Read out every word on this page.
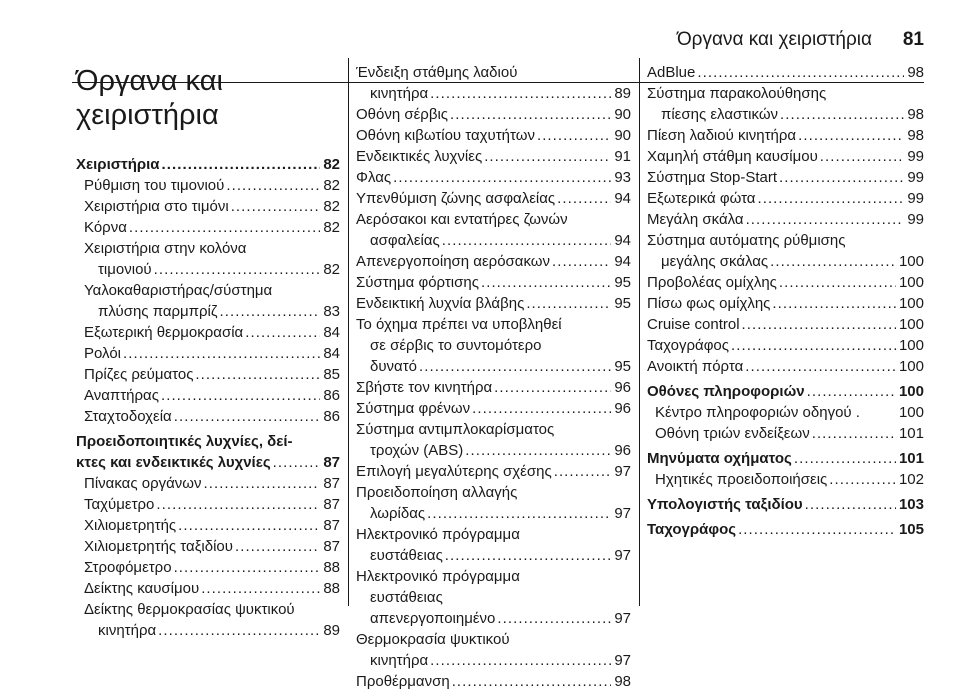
Όργανα και χειριστήρια 81
Όργανα και
χειριστήρια
Χειριστήρια . . .	82
Ρύθμιση του τιμονιού . . .	82
Χειριστήρια στο τιμόνι . . .	82
Κόρνα . . .	82
Χειριστήρια στην κολόνα
τιμονιού . . .	82
Υαλοκαθαριστήρας/σύστημα
πλύσης παρμπρίζ . . .	83
Εξωτερική θερμοκρασία . . .	84
Ρολόι . . .	84
Πρίζες ρεύματος . . .	85
Αναπτήρας . . .	86
Σταχτοδοχεία . . .	86
Προειδοποιητικές λυχνίες, δεί-
κτες και ενδεικτικές λυχνίες . . .	87
Πίνακας οργάνων . . .	87
Ταχύμετρο . . .	87
Χιλιομετρητής . . .	87
Χιλιομετρητής ταξιδίου . . .	87
Στροφόμετρο . . .	88
Δείκτης καυσίμου . . .	88
Δείκτης θερμοκρασίας ψυκτικού
κινητήρα . . .	89
Ένδειξη στάθμης λαδιού
κινητήρα . . .	89
Οθόνη σέρβις . . .	90
Οθόνη κιβωτίου ταχυτήτων . . .	90
Ενδεικτικές λυχνίες . . .	91
Φλας . . .	93
Υπενθύμιση ζώνης ασφαλείας . . .	94
Αερόσακοι και εντατήρες ζωνών
ασφαλείας . . .	94
Απενεργοποίηση αερόσακων . . .	94
Σύστημα φόρτισης . . .	95
Ενδεικτική λυχνία βλάβης . . .	95
Το όχημα πρέπει να υποβληθεί
σε σέρβις το συντομότερο
δυνατό . . .	95
Σβήστε τον κινητήρα . . .	96
Σύστημα φρένων . . .	96
Σύστημα αντιμπλοκαρίσματος
τροχών (ABS) . . .	96
Επιλογή μεγαλύτερης σχέσης . . .	97
Προειδοποίηση αλλαγής
λωρίδας . . .	97
Ηλεκτρονικό πρόγραμμα
ευστάθειας . . .	97
Ηλεκτρονικό πρόγραμμα
ευστάθειας
απενεργοποιημένο . . .	97
Θερμοκρασία ψυκτικού
κινητήρα . . .	97
Προθέρμανση . . .	98
AdBlue . . .	98
Σύστημα παρακολούθησης
πίεσης ελαστικών . . .	98
Πίεση λαδιού κινητήρα . . .	98
Χαμηλή στάθμη καυσίμου . . .	99
Σύστημα Stop-Start . . .	99
Εξωτερικά φώτα . . .	99
Μεγάλη σκάλα . . .	99
Σύστημα αυτόματης ρύθμισης
μεγάλης σκάλας . . .	100
Προβολέας ομίχλης . . .	100
Πίσω φως ομίχλης . . .	100
Cruise control . . .	100
Ταχογράφος . . .	100
Ανοικτή πόρτα . . .	100
Οθόνες πληροφοριών . . .	100
Κέντρο πληροφοριών οδηγού .	100
Οθόνη τριών ενδείξεων . . .	101
Μηνύματα οχήματος . . .	101
Ηχητικές προειδοποιήσεις . . .	102
Υπολογιστής ταξιδίου . . .	103
Ταχογράφος . . .	105
